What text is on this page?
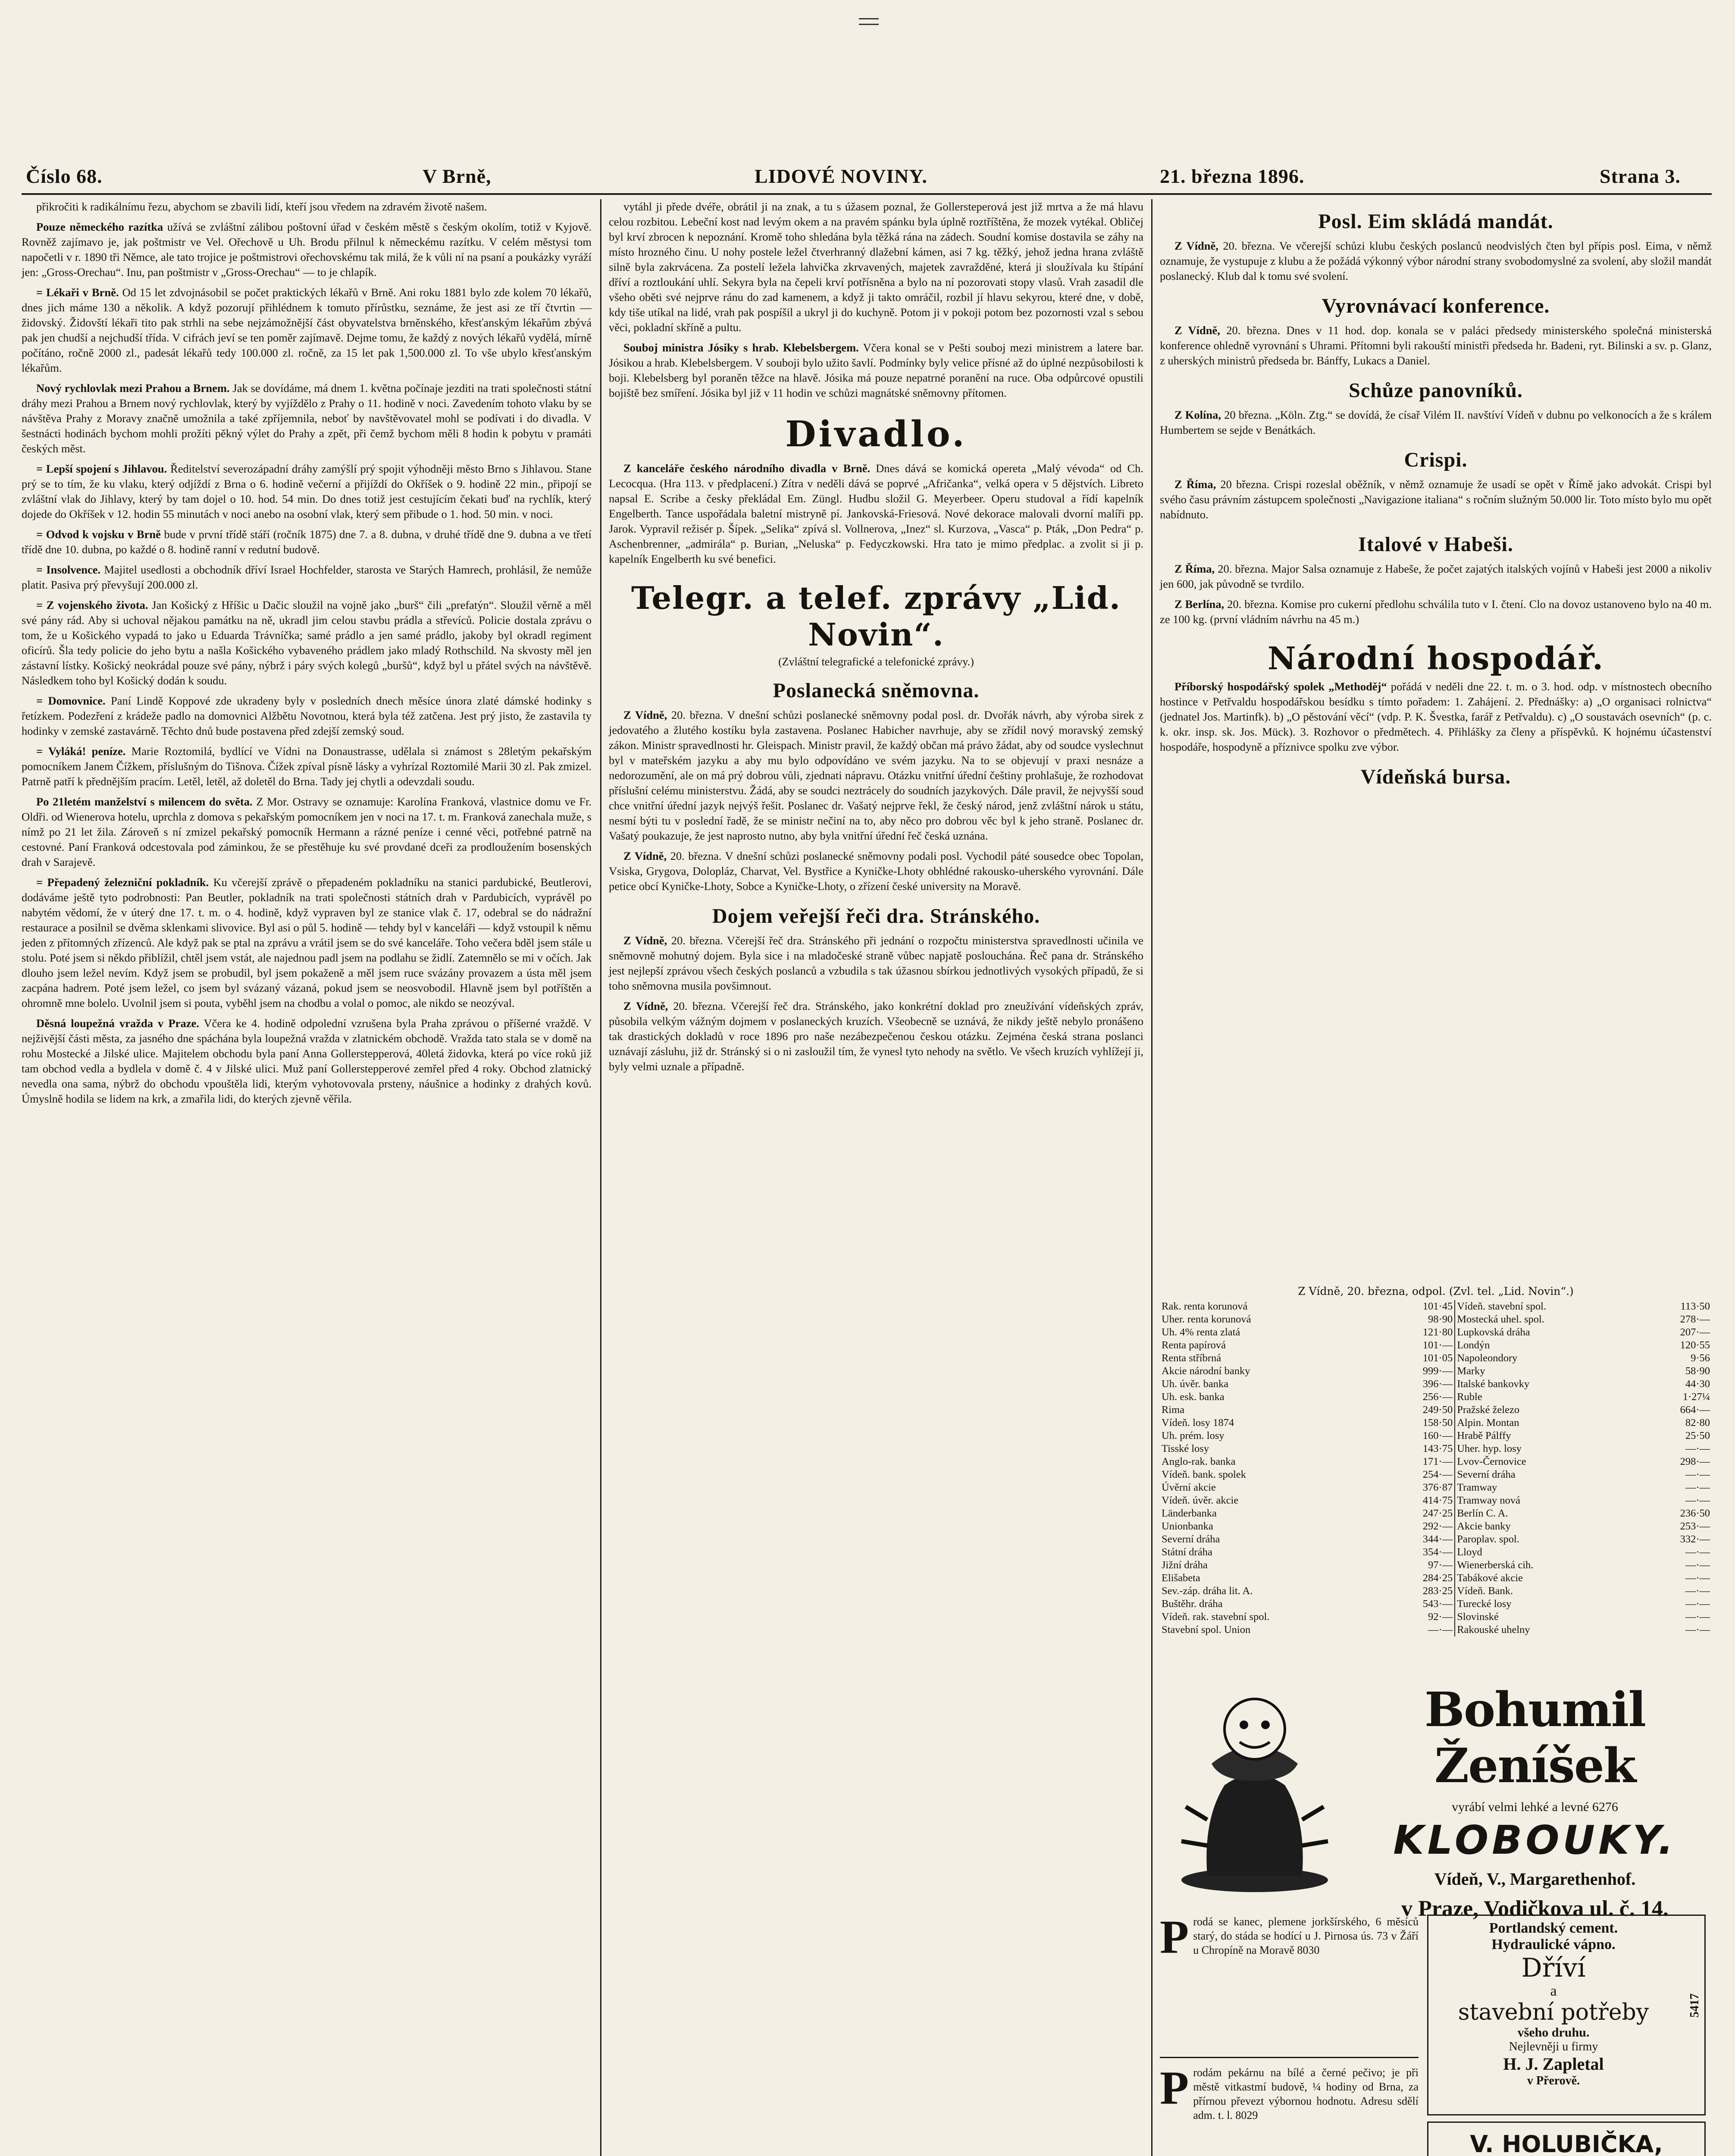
Číslo 68.	V Brně,	LIDOVÉ NOVINY.	21. března 1896.	Strana 3.

přikročiti k radikálnímu řezu, abychom se zbavili lidí, kteří jsou vředem na zdravém životě našem.

Pouze německého razítka užívá se zvláštní zálibou poštovní úřad v českém městě s českým okolím, totiž v Kyjově. Rovněž zajímavo je, jak poštmistr ve Vel. Ořechově u Uh. Brodu přilnul k německému razítku. V celém městysi tom napočetli v r. 1890 tři Němce, ale tato trojice je poštmistrovi ořechovskému tak milá, že k vůli ní na psaní a poukázky vyráží jen: „Gross-Orechau“. Inu, pan poštmistr v „Gross-Orechau“ — to je chlapík.

= Lékaři v Brně. Od 15 let zdvojnásobil se počet praktických lékařů v Brně. Ani roku 1881 bylo zde kolem 70 lékařů, dnes jich máme 130 a několik. A když pozorují přihlédnem k tomuto přírůstku, seznáme, že jest asi ze tří čtvrtin — židovský. Židovští lékaři tito pak strhli na sebe nejzámožnější část obyvatelstva brněnského, křesťanským lékařům zbývá pak jen chudší a nejchudší třída. V cifrách jeví se ten poměr zajímavě. Dejme tomu, že každý z nových lékařů vydělá, mírně počítáno, ročně 2000 zl., padesát lékařů tedy 100.000 zl. ročně, za 15 let pak 1,500.000 zl. To vše ubylo křesťanským lékařům.

Nový rychlovlak mezi Prahou a Brnem. Jak se dovídáme, má dnem 1. května počínaje jezditi na trati společnosti státní dráhy mezi Prahou a Brnem nový rychlovlak, který by vyjíždělo z Prahy o 11. hodině v noci. Zavedením tohoto vlaku by se návštěva Prahy z Moravy značně umožnila a také zpříjemnila, neboť by navštěvovatel mohl se podívati i do divadla. V šestnácti hodinách bychom mohli prožíti pěkný výlet do Prahy a zpět, při čemž bychom měli 8 hodin k pobytu v pramáti českých měst.

= Lepší spojení s Jihlavou. Ředitelství severozápadní dráhy zamýšlí prý spojit výhodněji město Brno s Jihlavou. Stane prý se to tím, že ku vlaku, který odjíždí z Brna o 6. hodině večerní a přijíždí do Okříšek o 9. hodině 22 min., připojí se zvláštní vlak do Jihlavy, který by tam dojel o 10. hod. 54 min. Do dnes totiž jest cestujícím čekati buď na rychlík, který dojede do Okříšek v 12. hodin 55 minutách v noci anebo na osobní vlak, který sem přibude o 1. hod. 50 min. v noci.

= Odvod k vojsku v Brně bude v první třídě stáří (ročník 1875) dne 7. a 8. dubna, v druhé třídě dne 9. dubna a ve třetí třídě dne 10. dubna, po každé o 8. hodině ranní v redutní budově.

= Insolvence. Majitel usedlosti a obchodník dříví Israel Hochfelder, starosta ve Starých Hamrech, prohlásil, že nemůže platit. Pasiva prý převyšují 200.000 zl.

= Z vojenského života. Jan Košický z Hříšic u Dačic sloužil na vojně jako „burš“ čili „prefatýn“. Sloužil věrně a měl své pány rád. Aby si uchoval nějakou památku na ně, ukradl jim celou stavbu prádla a střevíců. Policie dostala zprávu o tom, že u Košického vypadá to jako u Eduarda Trávníčka; samé prádlo a jen samé prádlo, jakoby byl okradl regiment oficírů. Šla tedy policie do jeho bytu a našla Košického vybaveného prádlem jako mladý Rothschild. Na skvosty měl jen zástavní lístky. Košický neokrádal pouze své pány, nýbrž i páry svých kolegů „buršů“, když byl u přátel svých na návštěvě. Následkem toho byl Košický dodán k soudu.

= Domovnice. Paní Lindě Koppové zde ukradeny byly v posledních dnech měsíce února zlaté dámské hodinky s řetízkem. Podezření z krádeže padlo na domovnici Alžbětu Novotnou, která byla též zatčena. Jest prý jisto, že zastavila ty hodinky v zemské zastavárně. Těchto dnů bude postavena před zdejší zemský soud.

= Vyláká! peníze. Marie Roztomilá, bydlící ve Vídni na Donaustrasse, udělala si známost s 28letým pekařským pomocníkem Janem Čížkem, příslušným do Tišnova. Čížek zpíval písně lásky a vyhrízal Roztomilé Marii 30 zl. Pak zmizel. Patrně patří k přednějším pracím. Letěl, letěl, až doletěl do Brna. Tady jej chytli a odevzdali soudu.

Po 21letém manželství s milencem do světa. Z Mor. Ostravy se oznamuje: Karolína Franková, vlastnice domu ve Fr. Oldři. od Wienerova hotelu, uprchla z domova s pekařským pomocníkem jen v noci na 17. t. m. Franková zanechala muže, s nímž po 21 let žila. Zároveň s ní zmizel pekařský pomocník Hermann a rázné peníze i cenné věci, potřebné patrně na cestovné. Paní Franková odcestovala pod záminkou, že se přestěhuje ku své provdané dceři za prodloužením bosenských drah v Sarajevě.

= Přepadený železniční pokladník. Ku včerejší zprávě o přepadeném pokladníku na stanici pardubické, Beutlerovi, dodáváme ještě tyto podrobnosti: Pan Beutler, pokladník na trati společnosti státních drah v Pardubicích, vyprávěl po nabytém vědomí, že v úterý dne 17. t. m. o 4. hodině, když vypraven byl ze stanice vlak č. 17, odebral se do nádražní restaurace a posilnil se dvěma sklenkami slivovice. Byl asi o půl 5. hodině — tehdy byl v kanceláři — když vstoupil k němu jeden z přítomných zřízenců. Ale když pak se ptal na zprávu a vrátil jsem se do své kanceláře. Toho večera bděl jsem stále u stolu. Poté jsem si někdo přiblížil, chtěl jsem vstát, ale najednou padl jsem na podlahu se židlí. Zatemnělo se mi v očích. Jak dlouho jsem ležel nevím. Když jsem se probudil, byl jsem pokaženě a měl jsem ruce svázány provazem a ústa měl jsem zacpána hadrem. Poté jsem ležel, co jsem byl svázaný vázaná, pokud jsem se neosvobodil. Hlavně jsem byl potříštěn a ohromně mne bolelo. Uvolnil jsem si pouta, vyběhl jsem na chodbu a volal o pomoc, ale nikdo se neozýval.

Děsná loupežná vražda v Praze. Včera ke 4. hodině odpolední vzrušena byla Praha zprávou o příšerné vraždě. V nejživější části města, za jasného dne spáchána byla loupežná vražda v zlatnickém obchodě. Vražda tato stala se v domě na rohu Mostecké a Jilské ulice. Majitelem obchodu byla paní Anna Gollerstepperová, 40letá židovka, která po více roků již tam obchod vedla a bydlela v domě č. 4 v Jilské ulici. Muž paní Gollerstepperové zemřel před 4 roky. Obchod zlatnický nevedla ona sama, nýbrž do obchodu vpouštěla lidi, kterým vyhotovovala prsteny, náušnice a hodinky z drahých kovů. Úmyslně hodila se lidem na krk, a zmařila lidi, do kterých zjevně věřila.

vytáhl ji přede dvéře, obrátil ji na znak, a tu s úžasem poznal, že Gollersteperová jest již mrtva a že má hlavu celou rozbitou. Lebeční kost nad levým okem a na pravém spánku byla úplně roztříštěna, že mozek vytékal. Obličej byl krví zbrocen k nepoznání. Kromě toho shledána byla těžká rána na zádech. Soudní komise dostavila se záhy na místo hrozného činu. U nohy postele ležel čtverhranný dlažební kámen, asi 7 kg. těžký, jehož jedna hrana zvláště silně byla zakrvácena. Za postelí ležela lahvička zkrvavených, majetek zavražděné, která ji sloužívala ku štípání dříví a roztloukání uhlí. Sekyra byla na čepeli krví potřísněna a bylo na ní pozorovati stopy vlasů. Vrah zasadil dle všeho oběti své nejprve ránu do zad kamenem, a když ji takto omráčil, rozbil jí hlavu sekyrou, které dne, v době, kdy tiše utíkal na lidé, vrah pak pospíšil a ukryl ji do kuchyně. Potom ji v pokoji potom bez pozornosti vzal s sebou věci, pokladní skříně a pultu.

Souboj ministra Jósiky s hrab. Klebelsbergem. Včera konal se v Pešti souboj mezi ministrem a latere bar. Jósikou a hrab. Klebelsbergem. V souboji bylo užito šavlí. Podmínky byly velice přísné až do úplné nezpůsobilosti k boji. Klebelsberg byl poraněn těžce na hlavě. Jósika má pouze nepatrné poranění na ruce. Oba odpůrcové opustili bojiště bez smíření. Jósika byl již v 11 hodin ve schůzi magnátské sněmovny přítomen.

Divadlo.

Z kanceláře českého národního divadla v Brně. Dnes dává se komická opereta „Malý vévoda“ od Ch. Lecocqua. (Hra 113. v předplacení.) Zítra v neděli dává se poprvé „Afričanka“, velká opera v 5 dějstvích. Libreto napsal E. Scribe a česky překládal Em. Züngl. Hudbu složil G. Meyerbeer. Operu studoval a řídí kapelník Engelberth. Tance uspořádala baletní mistryně pí. Jankovská-Friesová. Nové dekorace malovali dvorní malíři pp. Jarok. Vypravil režisér p. Šípek. „Selika“ zpívá sl. Vollnerova, „Inez“ sl. Kurzova, „Vasca“ p. Pták, „Don Pedra“ p. Aschenbrenner, „admirála“ p. Burian, „Neluska“ p. Fedyczkowski. Hra tato je mimo předplac. a zvolit si ji p. kapelník Engelberth ku své benefici.

Telegr. a telef. zprávy „Lid. Novin“.
(Zvláštní telegrafické a telefonické zprávy.)
Poslanecká sněmovna.

Z Vídně, 20. března. V dnešní schůzi poslanecké sněmovny podal posl. dr. Dvořák návrh, aby výroba sirek z jedovatého a žlutého kostíku byla zastavena. Poslanec Habicher navrhuje, aby se zřídil nový moravský zemský zákon. Ministr spravedlnosti hr. Gleispach. Ministr pravil, že každý občan má právo žádat, aby od soudce vyslechnut byl v mateřském jazyku a aby mu bylo odpovídáno ve svém jazyku. Na to se objevují v praxi nesnáze a nedorozumění, ale on má prý dobrou vůli, zjednati nápravu. Otázku vnitřní úřední češtiny prohlašuje, že rozhodovat příslušní celému ministerstvu. Žádá, aby se soudci neztrácely do soudních jazykových. Dále pravil, že nejvyšší soud chce vnitřní úřední jazyk nejvýš řešit. Poslanec dr. Vašatý nejprve řekl, že český národ, jenž zvláštní nárok u státu, nesmí býti tu v poslední řadě, že se ministr nečiní na to, aby něco pro dobrou věc byl k jeho straně. Poslanec dr. Vašatý poukazuje, že jest naprosto nutno, aby byla vnitřní úřední řeč česká uznána.

Z Vídně, 20. března. V dnešní schůzi poslanecké sněmovny podali posl. Vychodil páté sousedce obec Topolan, Vsiska, Grygova, Dolopláz, Charvat, Vel. Bystřice a Kyničke-Lhoty obhlédné rakousko-uherského vyrovnání. Dále petice obcí Kyničke-Lhoty, Sobce a Kyničke-Lhoty, o zřízení české university na Moravě.

Dojem veřejší řeči dra. Stránského.

Z Vídně, 20. března. Včerejší řeč dra. Stránského při jednání o rozpočtu ministerstva spravedlnosti učinila ve sněmovně mohutný dojem. Byla sice i na mladočeské straně vůbec napjatě poslouchána. Řeč pana dr. Stránského jest nejlepší zprávou všech českých poslanců a vzbudila s tak úžasnou sbírkou jednotlivých vysokých případů, že si toho sněmovna musila povšimnout.

Z Vídně, 20. března. Včerejší řeč dra. Stránského, jako konkrétní doklad pro zneužívání vídeňských zpráv, působila velkým vážným dojmem v poslaneckých kruzích. Všeobecně se uznává, že nikdy ještě nebylo pronášeno tak drastických dokladů v roce 1896 pro naše nezábezpečenou českou otázku. Zejména česká strana poslanci uznávají zásluhu, již dr. Stránský si o ni zasloužil tím, že vynesl tyto nehody na světlo. Ve všech kruzích vyhlížejí ji, byly velmi uznale a případně.

Posl. Eim skládá mandát.

Z Vídně, 20. března. Ve včerejší schůzi klubu českých poslanců neodvislých čten byl přípis posl. Eima, v němž oznamuje, že vystupuje z klubu a že požádá výkonný výbor národní strany svobodomyslné za svolení, aby složil mandát poslanecký. Klub dal k tomu své svolení.

Vyrovnávací konference.

Z Vídně, 20. března. Dnes v 11 hod. dop. konala se v paláci předsedy ministerského společná ministerská konference ohledně vyrovnání s Uhrami. Přítomni byli rakouští ministři předseda hr. Badeni, ryt. Bilinski a sv. p. Glanz, z uherských ministrů předseda br. Bánffy, Lukacs a Daniel.

Schůze panovníků.

Z Kolína, 20 března. „Köln. Ztg.“ se dovídá, že císař Vilém II. navštíví Vídeň v dubnu po velkonocích a že s králem Humbertem se sejde v Benátkách.

Crispi.

Z Říma, 20 března. Crispi rozeslal oběžník, v němž oznamuje že usadí se opět v Římě jako advokát. Crispi byl svého času právním zástupcem společnosti „Navigazione italiana“ s ročním služným 50.000 lir. Toto místo bylo mu opět nabídnuto.

Italové v Habeši.

Z Říma, 20. března. Major Salsa oznamuje z Habeše, že počet zajatých italských vojínů v Habeši jest 2000 a nikoliv jen 600, jak původně se tvrdilo.

Z Berlína, 20. března. Komise pro cukerní předlohu schválila tuto v I. čtení. Clo na dovoz ustanoveno bylo na 40 m. ze 100 kg. (první vládním návrhu na 45 m.)

Národní hospodář.

Příborský hospodářský spolek „Methoděj“ pořádá v neděli dne 22. t. m. o 3. hod. odp. v místnostech obecního hostince v Petřvaldu hospodářskou besídku s tímto pořadem: 1. Zahájení. 2. Přednášky: a) „O organisaci rolnictva“ (jednatel Jos. Martinfk). b) „O pěstování věcí“ (vdp. P. K. Švestka, farář z Petřvaldu). c) „O soustavách osevních“ (p. c. k. okr. insp. sk. Jos. Mück). 3. Rozhovor o předmětech. 4. Přihlášky za členy a příspěvků. K hojnému účastenství hospodáře, hospodyně a příznivce spolku zve výbor.

Vídeňská bursa.
Z Vídně, 20. března, odpol. (Zvl. tel. „Lid. Novin“.)
Rak. renta korunová	101·45	Vídeň. stavební spol.	113·50
Uher. renta korunová	98·90	Mostecká uhel. spol.	278·—
Uh. 4% renta zlatá	121·80	Lupkovská dráha	207·—
Renta papírová	101·—	Londýn	120·55
Renta stříbrná	101·05	Napoleondory	9·56
Akcie národní banky	999·—	Marky	58·90
Uh. úvěr. banka	396·—	Italské bankovky	44·30
Uh. esk. banka	256·—	Ruble	1·27¼
Rima	249·50	Pražské železo	664·—
Vídeň. losy 1874	158·50	Alpin. Montan	82·80
Uh. prém. losy	160·—	Hrabě Pálffy	25·50
Tisské losy	143·75	Uher. hyp. losy	—·—
Anglo-rak. banka	171·—	Lvov-Černovice	298·—
Vídeň. bank. spolek	254·—	Severní dráha	—·—
Úvěrní akcie	376·87	Tramway	—·—
Vídeň. úvěr. akcie	414·75	Tramway nová	—·—
Länderbanka	247·25	Berlín C. A.	236·50
Unionbanka	292·—	Akcie banky	253·—
Severní dráha	344·—	Paroplav. spol.	332·—
Státní dráha	354·—	Lloyd	—·—
Jižní dráha	97·—	Wienerberská cih.	—·—
Elišabeta	284·25	Tabákové akcie	—·—
Sev.-záp. dráha lit. A.	283·25	Vídeň. Bank.	—·—
Buštěhr. dráha	543·—	Turecké losy	—·—
Vídeň. rak. stavební spol.	92·—	Slovinské	—·—
Stavební spol. Union	—·—	Rakouské uhelny	—·—
Bohumil Ženíšek
vyrábí velmi lehké a levné 6276
KLOBOUKY.
Vídeň, V., Margarethenhof.
v Praze, Vodičkova ul. č. 14.
Prodá se kanec, plemene jorkšírského, 6 měsíců starý, do stáda se hodící u J. Pirnosa ús. 73 v Žáří u Chropíně na Moravě 8030
Prodám pekárnu na bílé a černé pečivo; je při městě vitkastmí budově, ¼ hodiny od Brna, za přírnou převezt výbornou hodnotu. Adresu sdělí adm. t. l. 8029
Portlandský cement.
Hydraulické vápno.
Dříví
a
stavební potřeby
všeho druhu.
Nejlevněji u firmy
H. J. Zapletal
v Přerově.
5417
V. HOLUBIČKA,
